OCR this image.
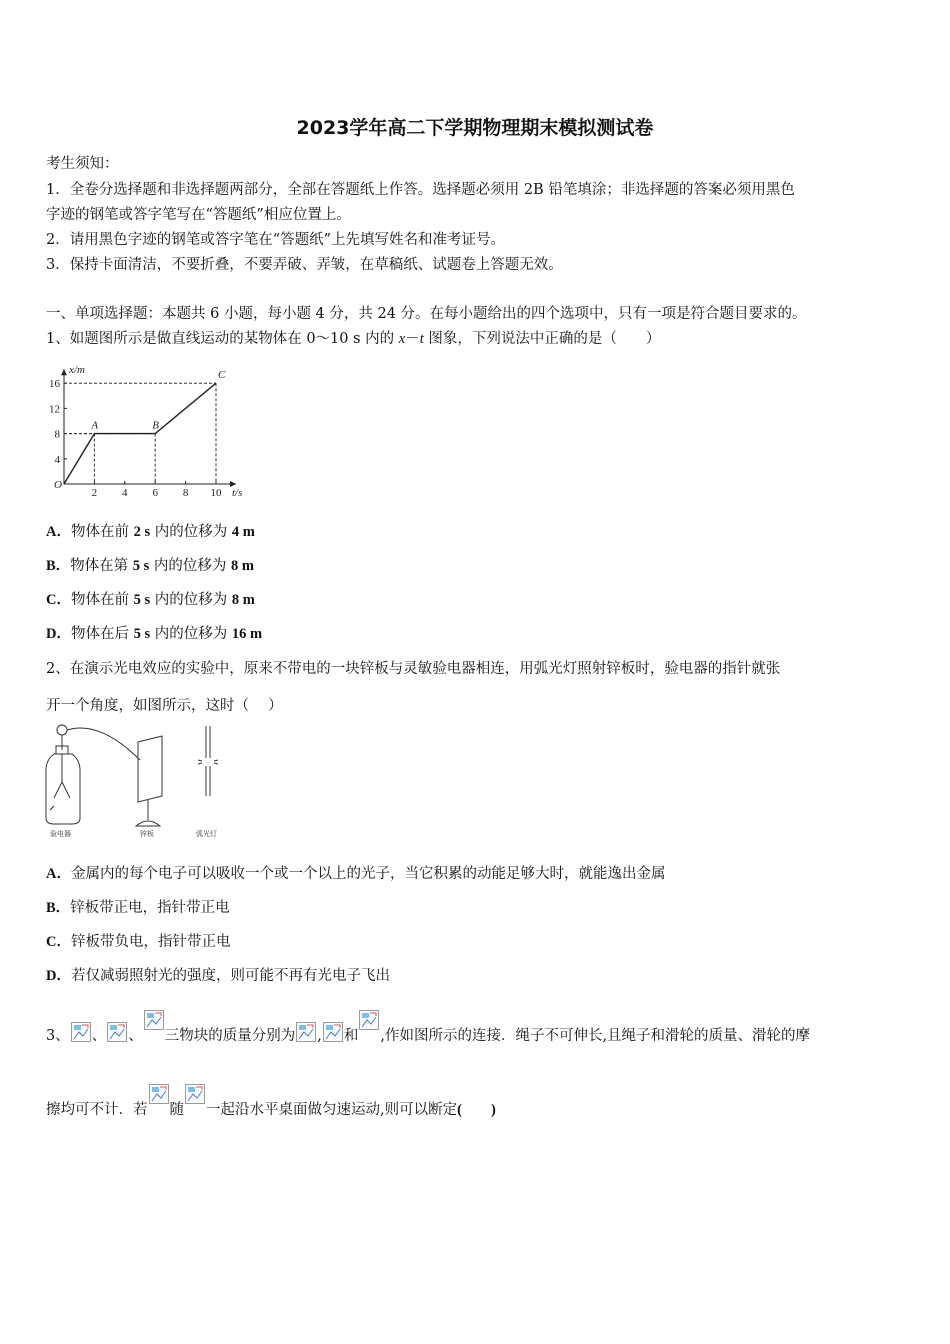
2023学年高二下学期物理期末模拟测试卷
考生须知：
1．全卷分选择题和非选择题两部分，全部在答题纸上作答。选择题必须用 2B 铅笔填涂；非选择题的答案必须用黑色
字迹的钢笔或答字笔写在“答题纸”相应位置上。
2．请用黑色字迹的钢笔或答字笔在“答题纸”上先填写姓名和准考证号。
3．保持卡面清洁，不要折叠，不要弄破、弄皱，在草稿纸、试题卷上答题无效。
一、单项选择题：本题共 6 小题，每小题 4 分，共 24 分。在每小题给出的四个选项中，只有一项是符合题目要求的。
1、如题图所示是做直线运动的某物体在 0～10 s 内的 x－t 图象，下列说法中正确的是（　　）
2 4 6 8 10
4
8
12
16
O
A	B
C
t/s
x/m
A．物体在前 2 s 内的位移为 4 m
B．物体在第 5 s 内的位移为 8 m
C．物体在前 5 s 内的位移为 8 m
D．物体在后 5 s 内的位移为 16 m
2、在演示光电效应的实验中，原来不带电的一块锌板与灵敏验电器相连，用弧光灯照射锌板时，验电器的指针就张
开一个角度，如图所示，这时（　 ）
验电器	锌板	弧光灯
A．金属内的每个电子可以吸收一个或一个以上的光子，当它积累的动能足够大时，就能逸出金属
B．锌板带正电，指针带正电
C．锌板带负电，指针带正电
D．若仅减弱照射光的强度，则可能不再有光电子飞出
3、 、 、 三物块的质量分别为 , 和 ,作如图所示的连接．绳子不可伸长,且绳子和滑轮的质量、滑轮的摩
擦均可不计．若 随 一起沿水平桌面做匀速运动,则可以断定(　　)
